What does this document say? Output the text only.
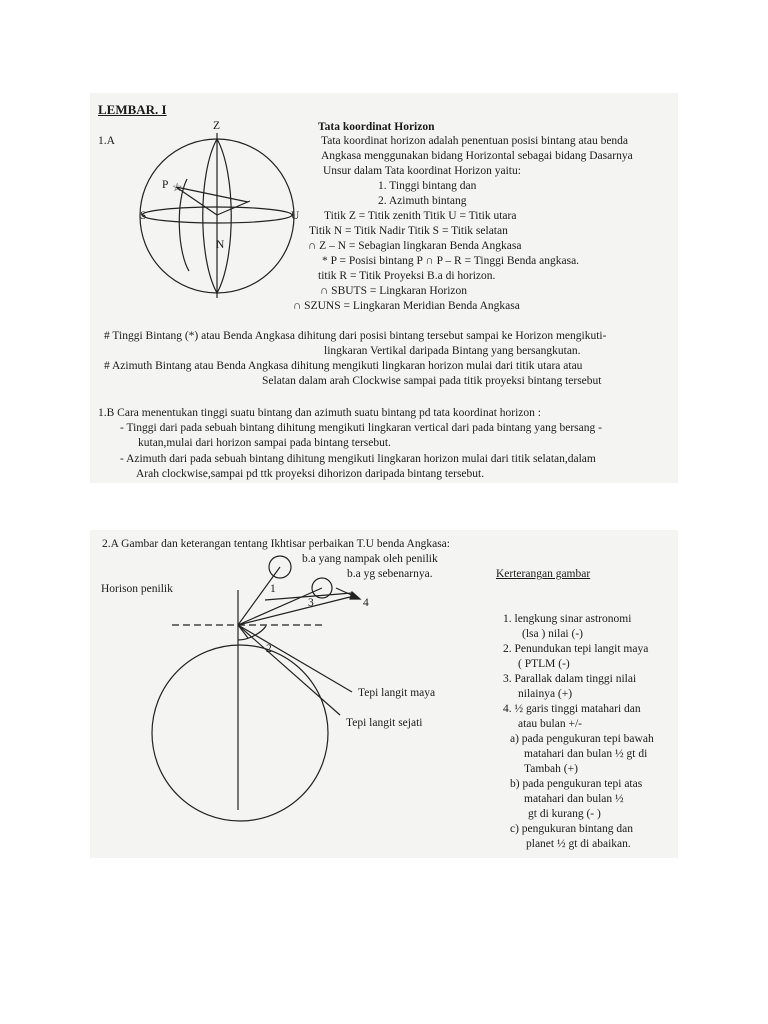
☆
Z
S	U
N
P
LEMBAR. I
1.A
Tata koordinat Horizon
Tata koordinat horizon adalah penentuan posisi bintang atau benda
Angkasa menggunakan bidang Horizontal sebagai bidang Dasarnya
Unsur dalam Tata koordinat Horizon yaitu:
1. Tinggi bintang dan
2. Azimuth bintang
Titik Z = Titik zenith Titik U = Titik utara
Titik N = Titik Nadir Titik S = Titik selatan
∩ Z – N = Sebagian lingkaran Benda Angkasa
* P = Posisi bintang P ∩ P – R = Tinggi Benda angkasa.
titik R = Titik Proyeksi B.a di horizon.
∩ SBUTS = Lingkaran Horizon
∩ SZUNS = Lingkaran Meridian Benda Angkasa
# Tinggi Bintang (*) atau Benda Angkasa dihitung dari posisi bintang tersebut sampai ke Horizon mengikuti-
lingkaran Vertikal daripada Bintang yang bersangkutan.
# Azimuth Bintang atau Benda Angkasa dihitung mengikuti lingkaran horizon mulai dari titik utara atau
Selatan dalam arah Clockwise sampai pada titik proyeksi bintang tersebut
1.B Cara menentukan tinggi suatu bintang dan azimuth suatu bintang pd tata koordinat horizon :
- Tinggi dari pada sebuah bintang dihitung mengikuti lingkaran vertical dari pada bintang yang bersang -
kutan,mulai dari horizon sampai pada bintang tersebut.
- Azimuth dari pada sebuah bintang dihitung mengikuti lingkaran horizon mulai dari titik selatan,dalam
Arah clockwise,sampai pd ttk proyeksi dihorizon daripada bintang tersebut.
1
2
3	4
2.A Gambar dan keterangan tentang Ikhtisar perbaikan T.U benda Angkasa:
b.a yang nampak oleh penilik
b.a yg sebenarnya.
Horison penilik
Tepi langit maya
Tepi langit sejati
Kerterangan gambar
1. lengkung sinar astronomi
(lsa ) nilai (-)
2. Penundukan tepi langit maya
( PTLM (-)
3. Parallak dalam tinggi nilai
nilainya (+)
4. ½ garis tinggi matahari dan
atau bulan +/-
a) pada pengukuran tepi bawah
matahari dan bulan ½ gt di
Tambah (+)
b) pada pengukuran tepi atas
matahari dan bulan ½
gt di kurang (- )
c) pengukuran bintang dan
planet ½ gt di abaikan.
